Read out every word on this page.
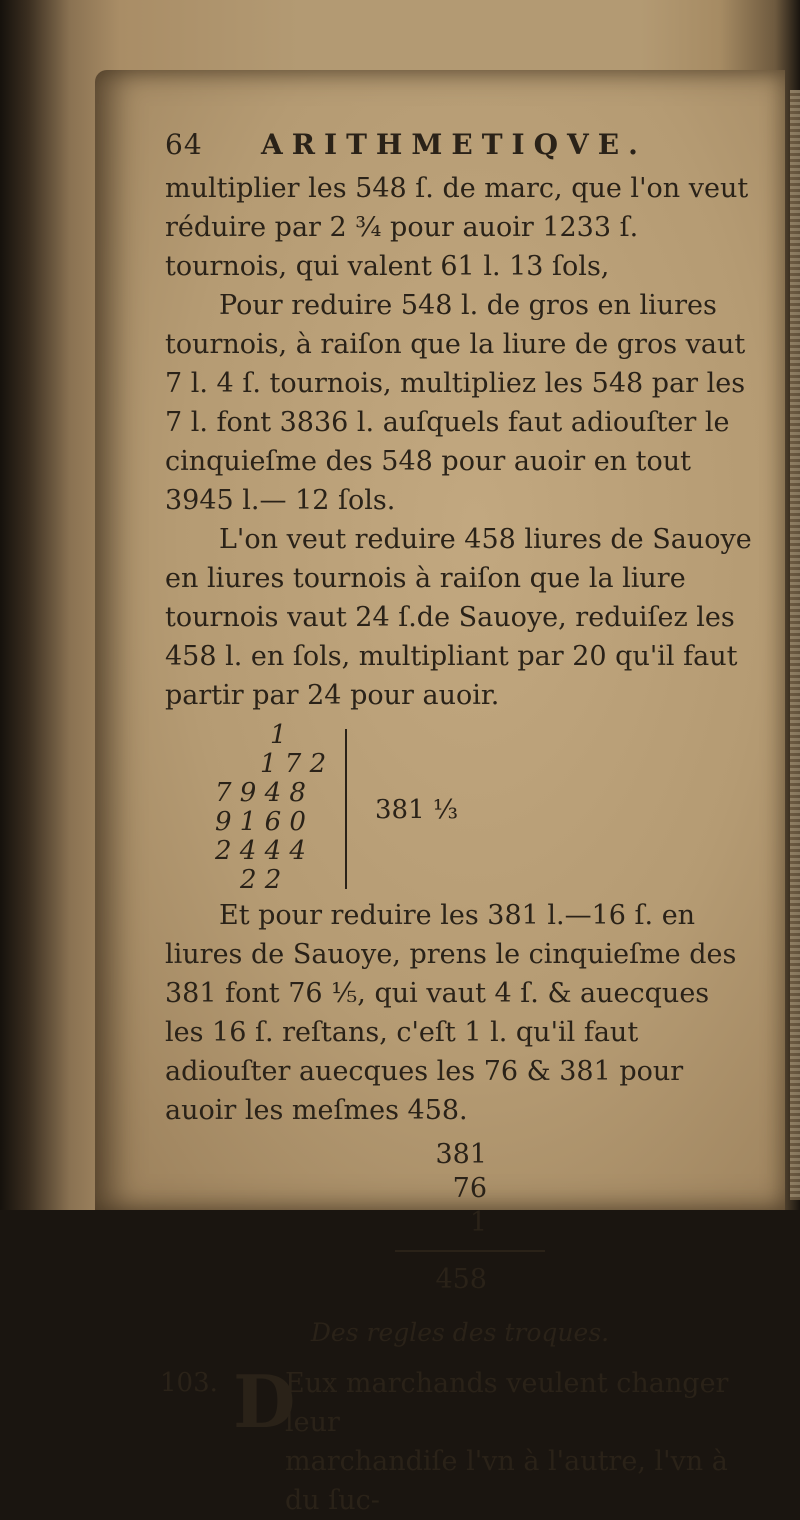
64	ARITHMETIQVE.

multiplier les 548 ſ. de marc, que l'on veut réduire par 2 ¾ pour auoir 1233 ſ. tournois, qui valent 61 l. 13 ſols,

Pour reduire 548 l. de gros en liures tournois, à raiſon que la liure de gros vaut 7 l. 4 ſ. tournois, multipliez les 548 par les 7 l. font 3836 l. auſquels faut adiouſter le cinquieſme des 548 pour auoir en tout 3945 l.— 12 ſols.

L'on veut reduire 458 liures de Sauoye en liures tournois à raiſon que la liure tournois vaut 24 ſ.de Sauoye, reduiſez les 458 l. en ſols, multipliant par 20 qu'il faut partir par 24 pour auoir.

1
1 7 2
7 9 4 8
9 1 6 0
2 4 4 4
2 2
381 ⅓

Et pour reduire les 381 l.—16 ſ. en liures de Sauoye, prens le cinquieſme des 381 font 76 ⅕, qui vaut 4 ſ. & auecques les 16 ſ. reſtans, c'eſt 1 l. qu'il faut adiouſter auecques les 76 & 381 pour auoir les meſmes 458.

381
76
1
458
Des regles des troques.
103. D
Eux marchands veulent changer leur
marchandiſe l'vn à l'autre, l'vn à du ſuc-
